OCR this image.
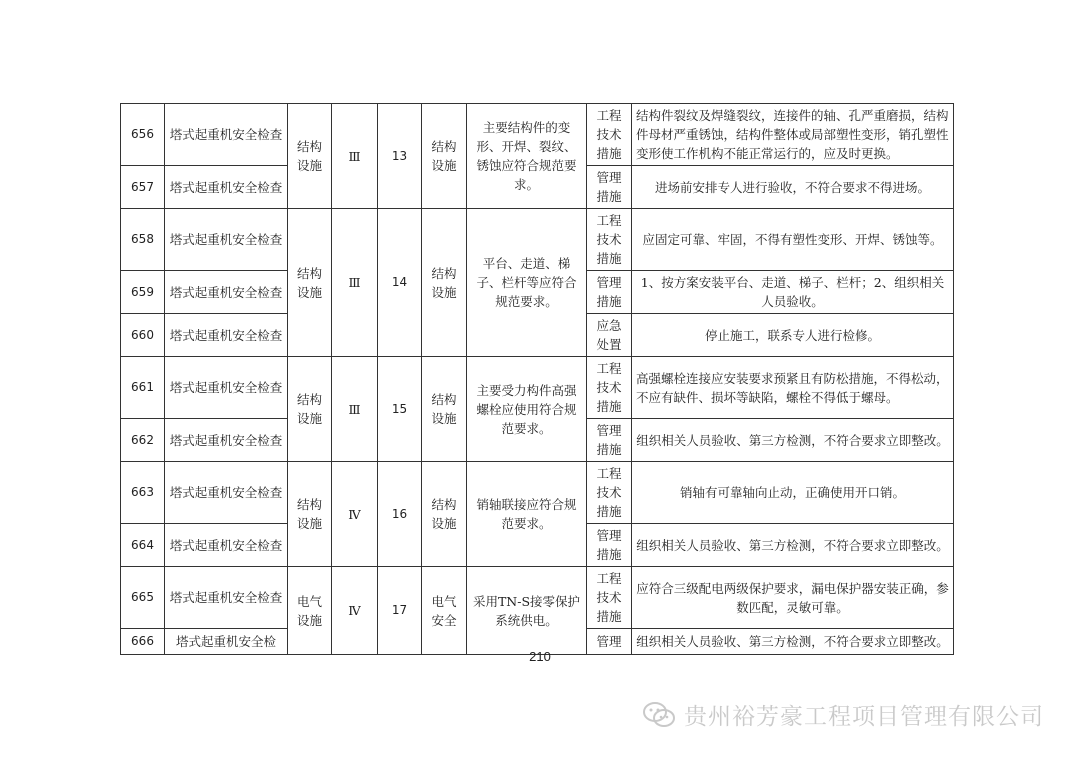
656	塔式起重机安全检查	结构设施	Ⅲ	13	结构设施	主要结构件的变形、开焊、裂纹、锈蚀应符合规范要求。	工程技术措施	结构件裂纹及焊缝裂纹，连接件的轴、孔严重磨损，结构件母材严重锈蚀，结构件整体或局部塑性变形，销孔塑性变形使工作机构不能正常运行的，应及时更换。
657	塔式起重机安全检查						管理措施	进场前安排专人进行验收，不符合要求不得进场。
658	塔式起重机安全检查	结构设施	Ⅲ	14	结构设施	平台、走道、梯子、栏杆等应符合规范要求。	工程技术措施	应固定可靠、牢固，不得有塑性变形、开焊、锈蚀等。
659	塔式起重机安全检查						管理措施	1、按方案安装平台、走道、梯子、栏杆；2、组织相关人员验收。
660	塔式起重机安全检查						应急处置	停止施工，联系专人进行检修。
661	塔式起重机安全检查	结构设施	Ⅲ	15	结构设施	主要受力构件高强螺栓应使用符合规范要求。	工程技术措施	高强螺栓连接应安装要求预紧且有防松措施，不得松动，不应有缺件、损坏等缺陷，螺栓不得低于螺母。
662	塔式起重机安全检查						管理措施	组织相关人员验收、第三方检测，不符合要求立即整改。
663	塔式起重机安全检查	结构设施	Ⅳ	16	结构设施	销轴联接应符合规范要求。	工程技术措施	销轴有可靠轴向止动，正确使用开口销。
664	塔式起重机安全检查						管理措施	组织相关人员验收、第三方检测，不符合要求立即整改。
665	塔式起重机安全检查	电气设施	Ⅳ	17	电气安全	采用TN-S接零保护系统供电。	工程技术措施	应符合三级配电两级保护要求，漏电保护器安装正确，参数匹配，灵敏可靠。
666	塔式起重机安全检						管理	组织相关人员验收、第三方检测，不符合要求立即整改。
210
贵州裕芳豪工程项目管理有限公司
